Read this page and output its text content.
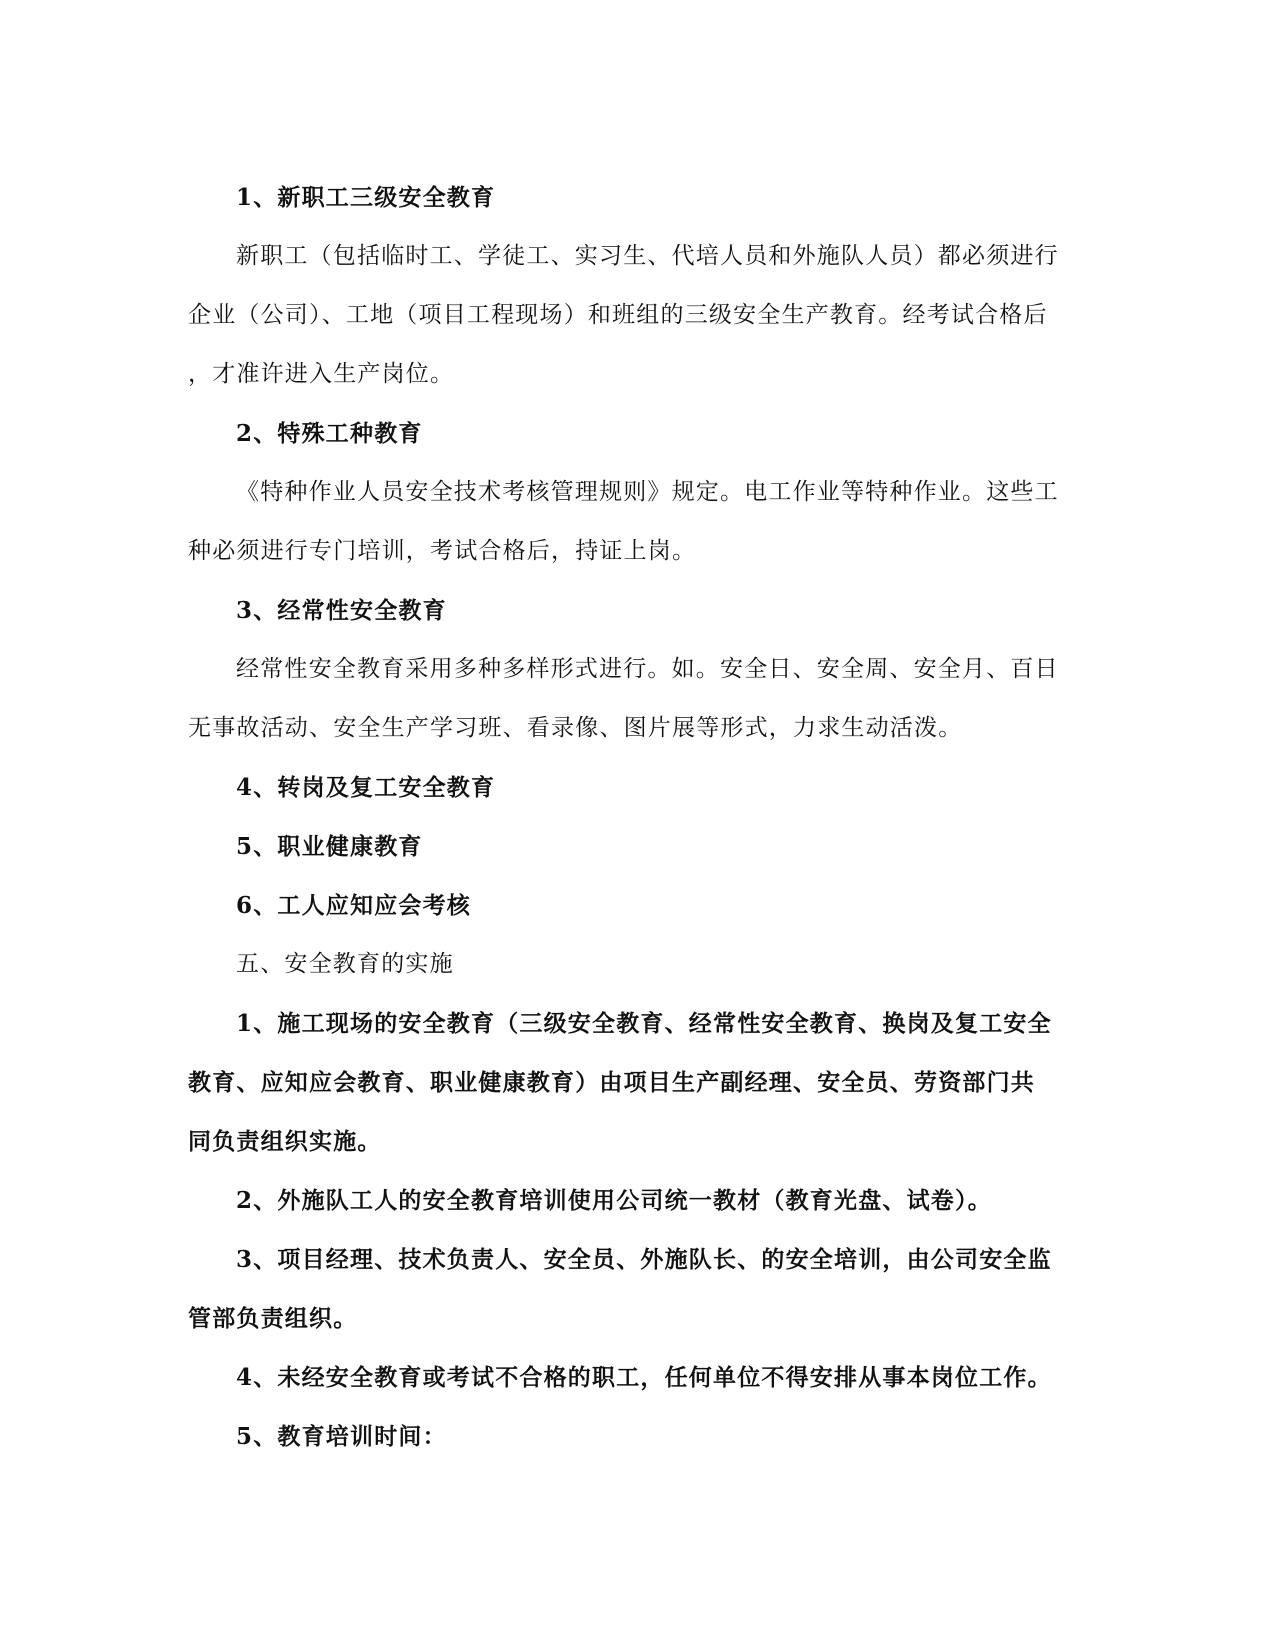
1、新职工三级安全教育
新职工（包括临时工、学徒工、实习生、代培人员和外施队人员）都必须进行
企业（公司）、工地（项目工程现场）和班组的三级安全生产教育。经考试合格后
，才准许进入生产岗位。
2、特殊工种教育
《特种作业人员安全技术考核管理规则》规定。电工作业等特种作业。这些工
种必须进行专门培训，考试合格后，持证上岗。
3、经常性安全教育
经常性安全教育采用多种多样形式进行。如。安全日、安全周、安全月、百日
无事故活动、安全生产学习班、看录像、图片展等形式，力求生动活泼。
4、转岗及复工安全教育
5、职业健康教育
6、工人应知应会考核
五、安全教育的实施
1、施工现场的安全教育（三级安全教育、经常性安全教育、换岗及复工安全
教育、应知应会教育、职业健康教育）由项目生产副经理、安全员、劳资部门共
同负责组织实施。
2、外施队工人的安全教育培训使用公司统一教材（教育光盘、试卷）。
3、项目经理、技术负责人、安全员、外施队长、的安全培训，由公司安全监
管部负责组织。
4、未经安全教育或考试不合格的职工，任何单位不得安排从事本岗位工作。
5、教育培训时间：
